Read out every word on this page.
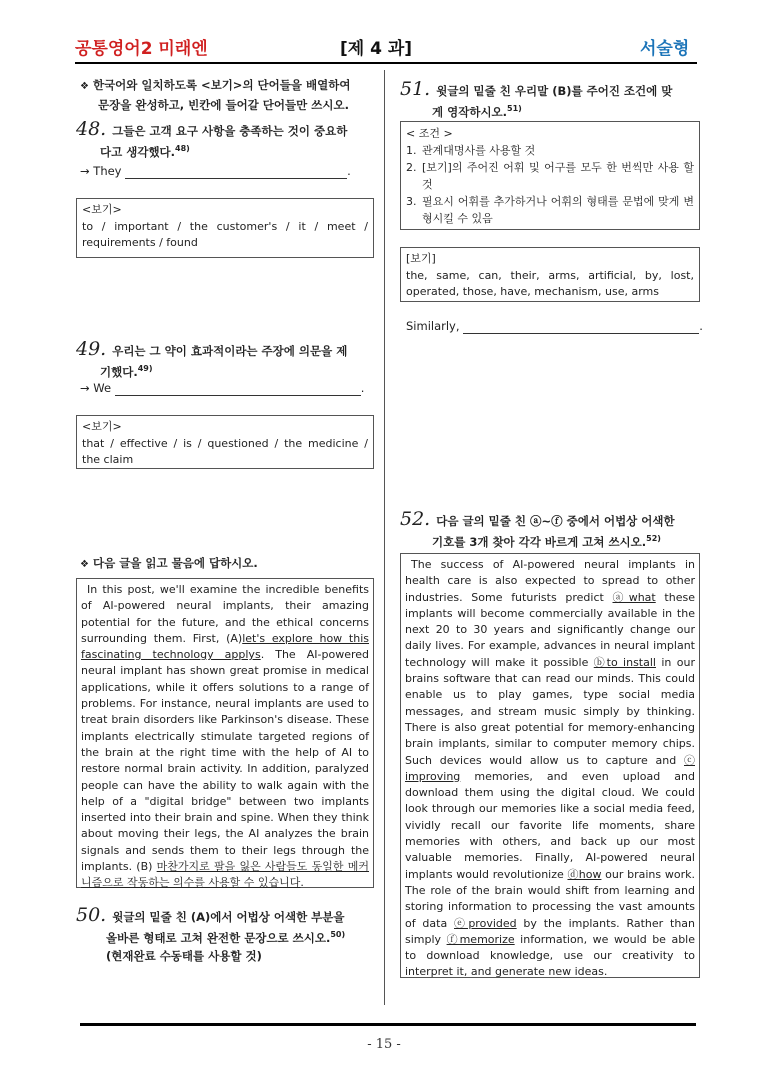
공통영어2 미래엔	[제 4 과]	서술형
❖ 한국어와 일치하도록 <보기>의 단어들을 배열하여
문장을 완성하고, 빈칸에 들어갈 단어들만 쓰시오.
48. 그들은 고객 요구 사항을 충족하는 것이 중요하
다고 생각했다.$^{48)}$
→ They	.
<보기>
to / important / the customer's / it / meet /
requirements / found
49. 우리는 그 약이 효과적이라는 주장에 의문을 제
기했다.$^{49)}$
→ We	.
<보기>
that / effective / is / questioned / the medicine /
the claim
❖ 다음 글을 읽고 물음에 답하시오.
In this post, we'll examine the incredible benefits of AI-powered neural implants, their amazing potential for the future, and the ethical concerns surrounding them. First, (A)let's explore how this fascinating technology applys. The AI-powered neural implant has shown great promise in medical applications, while it offers solutions to a range of problems. For instance, neural implants are used to treat brain disorders like Parkinson's disease. These implants electrically stimulate targeted regions of the brain at the right time with the help of AI to restore normal brain activity. In addition, paralyzed people can have the ability to walk again with the help of a "digital bridge" between two implants inserted into their brain and spine. When they think about moving their legs, the AI analyzes the brain signals and sends them to their legs through the implants. (B) 마찬가지로 팔을 잃은 사람들도 동일한 메커니즘으로 작동하는 의수를 사용할 수 있습니다.
50. 윗글의 밑줄 친 (A)에서 어법상 어색한 부분을
올바른 형태로 고쳐 완전한 문장으로 쓰시오.$^{50)}$
(현재완료 수동태를 사용할 것)
51. 윗글의 밑줄 친 우리말 (B)를 주어진 조건에 맞
게 영작하시오.$^{51)}$
< 조건 >
1. 관계대명사를 사용할 것
2. [보기]의 주어진 어휘 및 어구를 모두 한 번씩만 사용 할 것
3. 필요시 어휘를 추가하거나 어휘의 형태를 문법에 맞게 변형시킬 수 있음
[보기]
the, same, can, their, arms, artificial, by, lost, operated, those, have, mechanism, use, arms
Similarly,	.
52. 다음 글의 밑줄 친 ⓐ~ⓕ 중에서 어법상 어색한
기호를 3개 찾아 각각 바르게 고쳐 쓰시오.$^{52)}$
The success of AI-powered neural implants in health care is also expected to spread to other industries. Some futurists predict ⓐwhat these implants will become commercially available in the next 20 to 30 years and significantly change our daily lives. For example, advances in neural implant technology will make it possible ⓑto install in our brains software that can read our minds. This could enable us to play games, type social media messages, and stream music simply by thinking. There is also great potential for memory-enhancing brain implants, similar to computer memory chips. Such devices would allow us to capture and ⓒ improving memories, and even upload and download them using the digital cloud. We could look through our memories like a social media feed, vividly recall our favorite life moments, share memories with others, and back up our most valuable memories. Finally, AI-powered neural implants would revolutionize ⓓhow our brains work. The role of the brain would shift from learning and storing information to processing the vast amounts of data ⓔprovided by the implants. Rather than simply ⓕmemorize information, we would be able to download knowledge, use our creativity to interpret it, and generate new ideas.
- 15 -
